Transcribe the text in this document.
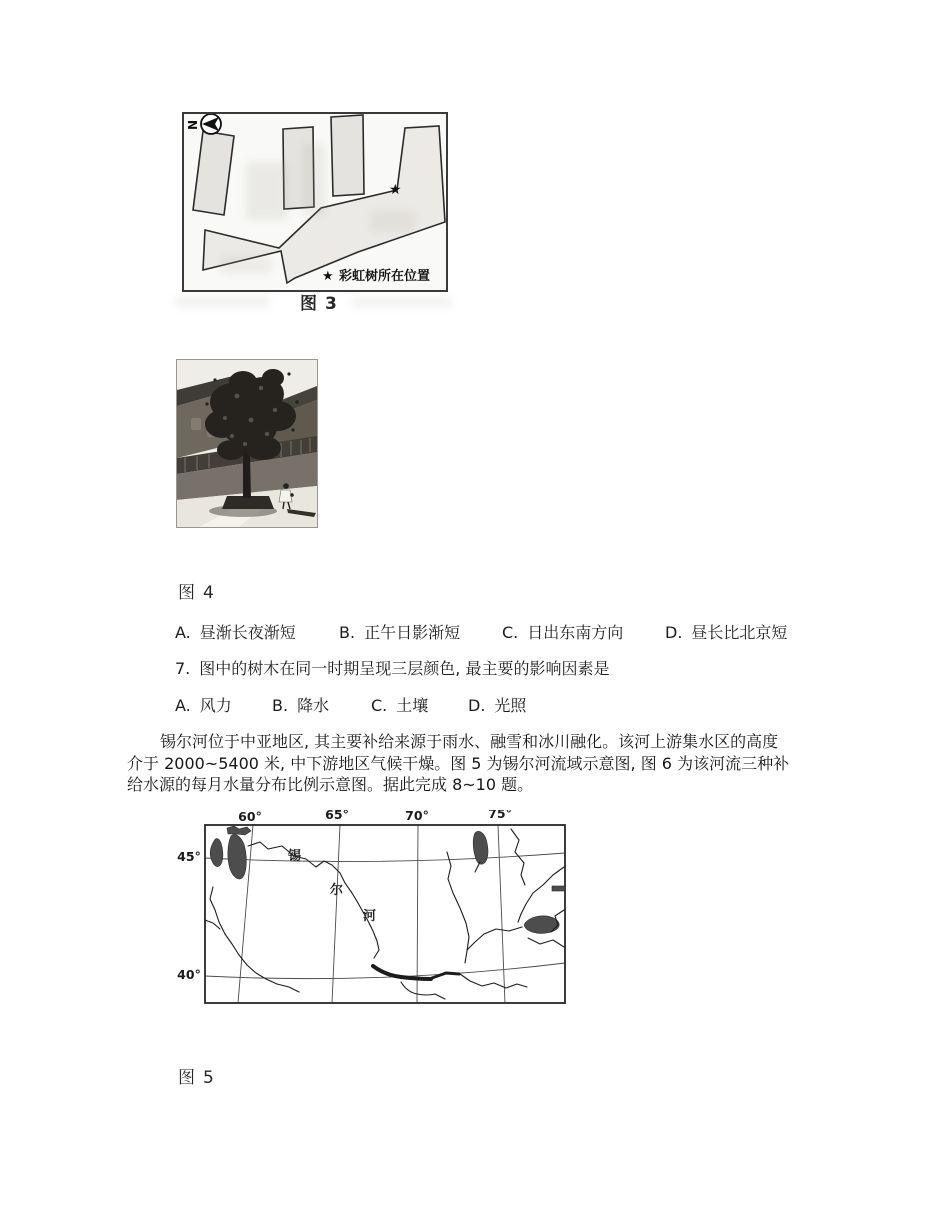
N
★
★ 彩虹树所在位置
图 3
图 4
A. 昼渐长夜渐短	B. 正午日影渐短	C. 日出东南方向	D. 昼长比北京短
7. 图中的树木在同一时期呈现三层颜色, 最主要的影响因素是
A. 风力	B. 降水	C. 土壤 D. 光照
锡尔河位于中亚地区, 其主要补给来源于雨水、融雪和冰川融化。该河上游集水区的高度
介于 2000~5400 米, 中下游地区气候干燥。图 5 为锡尔河流域示意图, 图 6 为该河流三种补
给水源的每月水量分布比例示意图。据此完成 8~10 题。
60°	65°	70°	75°
45°
40°
锡
尔
河
图 5
